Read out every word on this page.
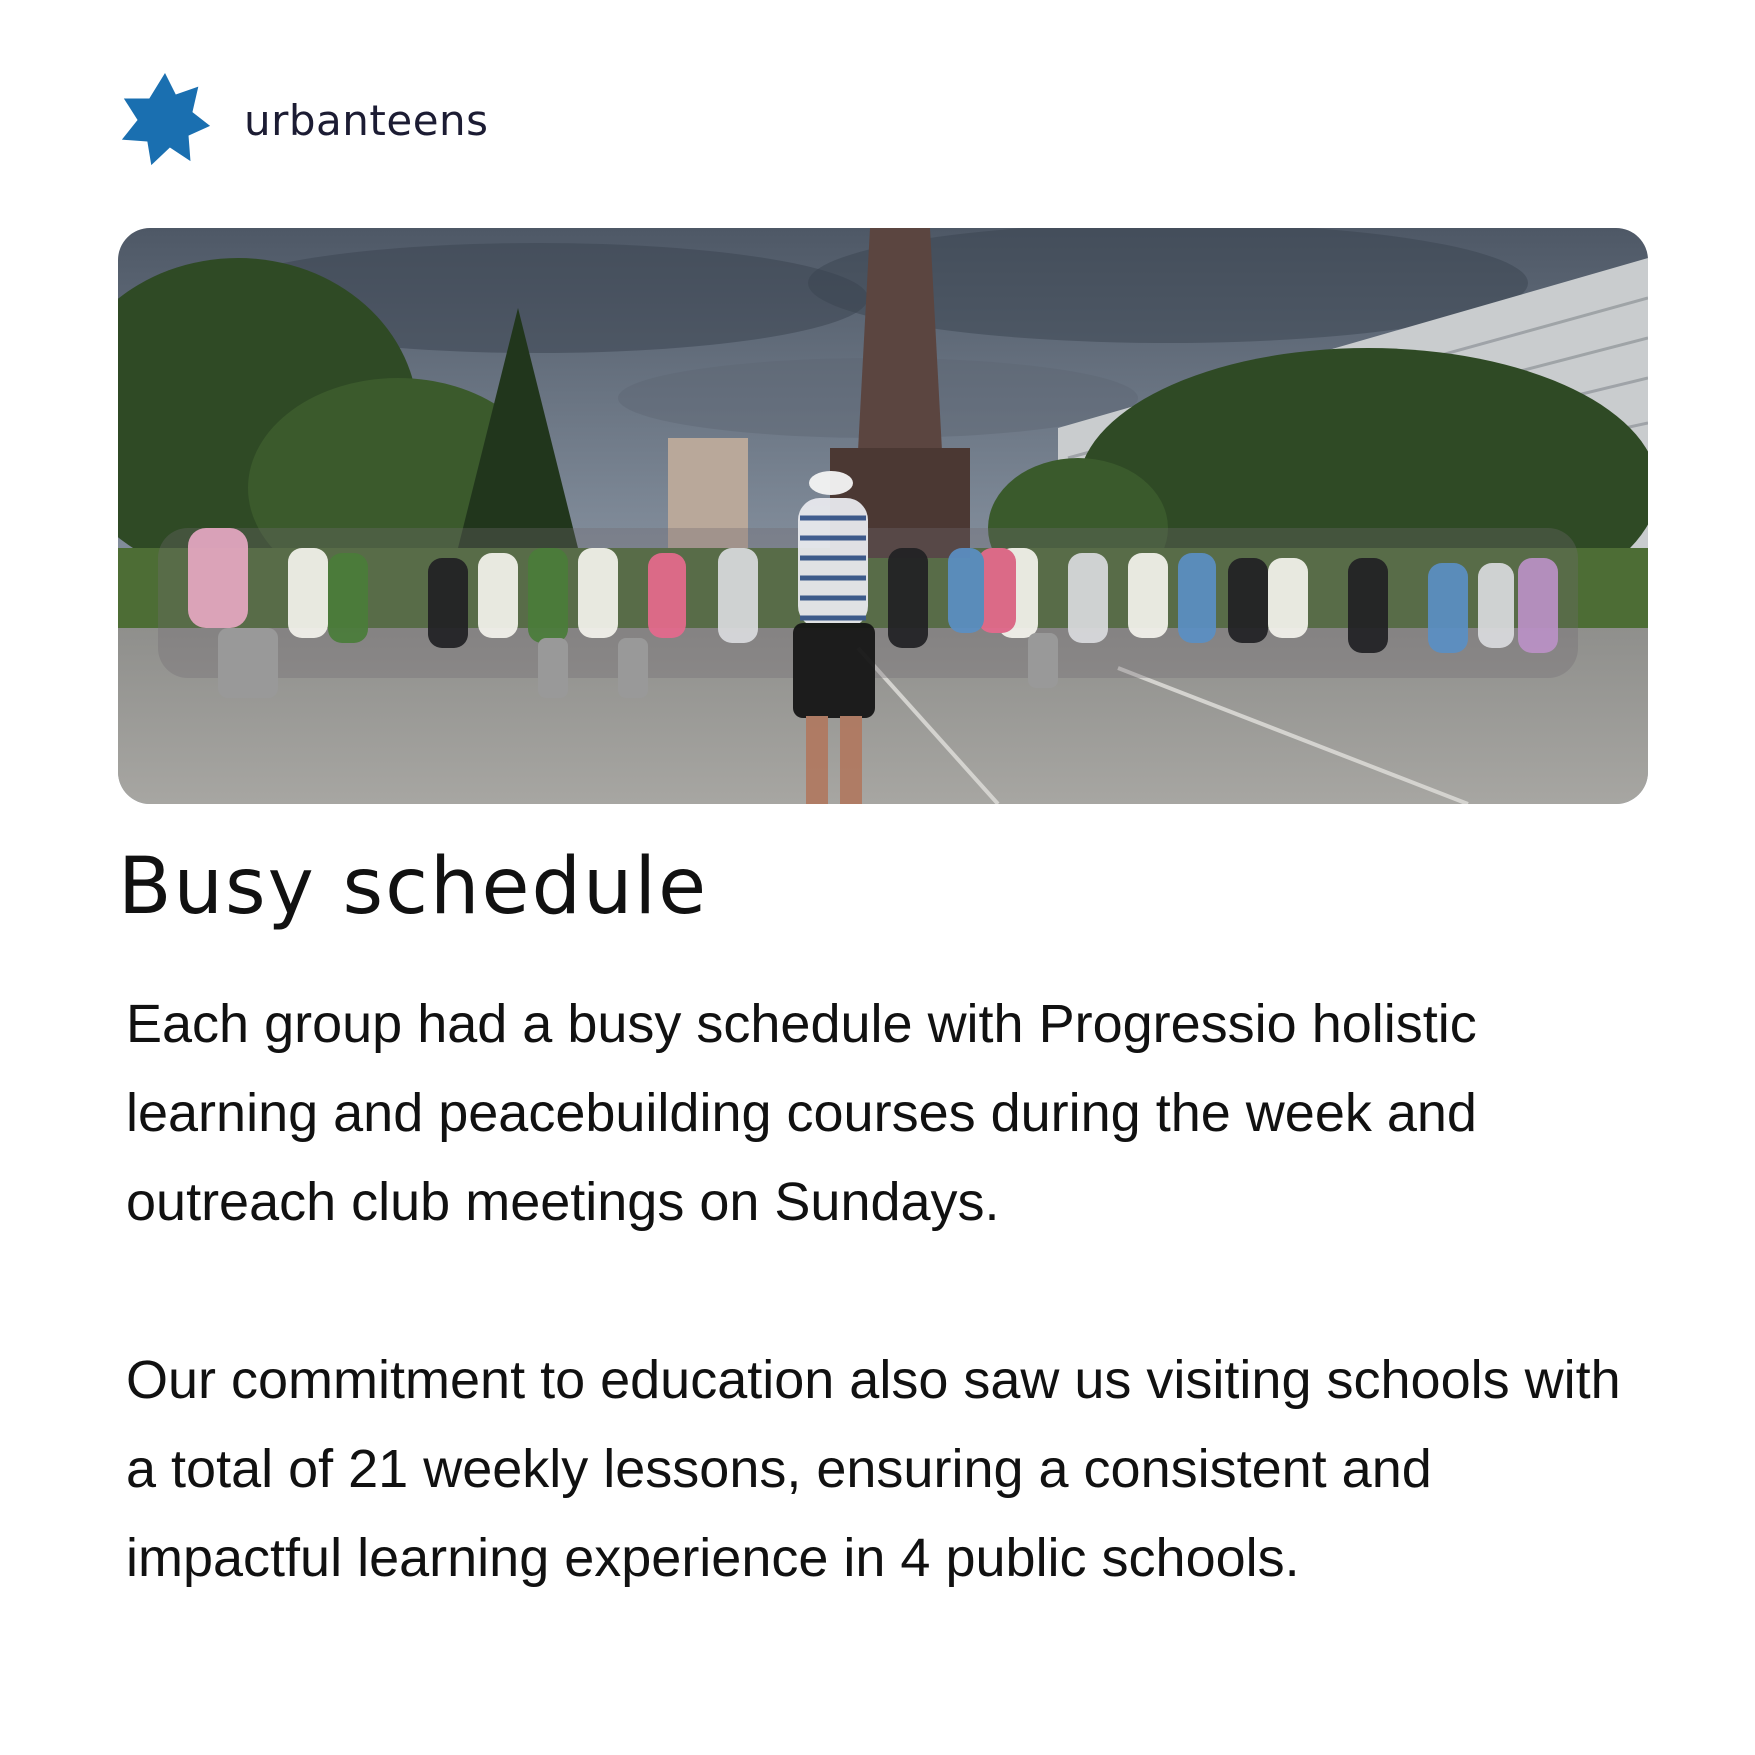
urbanteens
Busy schedule

Each group had a busy schedule with Progressio holistic learning and peacebuilding courses during the week and outreach club meetings on Sundays.

Our commitment to education also saw us visiting schools with a total of 21 weekly lessons, ensuring a consistent and impactful learning experience in 4 public schools.
